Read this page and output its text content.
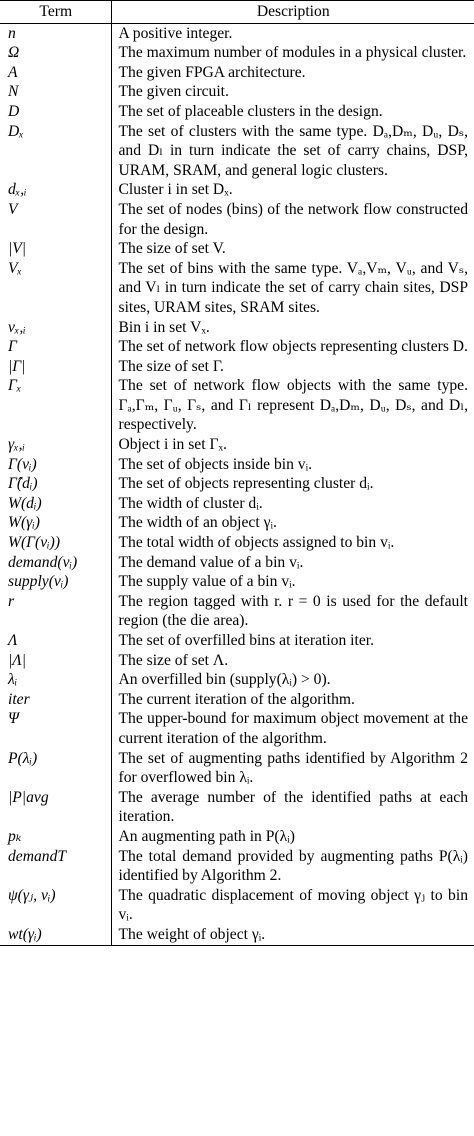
Term	Description
n	A positive integer.
Ω	The maximum number of modules in a physical cluster.
A	The given FPGA architecture.
N	The given circuit.
D	The set of placeable clusters in the design.
Dₓ	The set of clusters with the same type. Dₐ,Dₘ, Dᵤ, Dₛ, and Dₗ in turn indicate the set of carry chains, DSP, URAM, SRAM, and general logic clusters.
dₓ,ᵢ	Cluster i in set Dₓ.
V	The set of nodes (bins) of the network flow constructed for the design.
|V|	The size of set V.
Vₓ	The set of bins with the same type. Vₐ,Vₘ, Vᵤ, and Vₛ, and Vₗ in turn indicate the set of carry chain sites, DSP sites, URAM sites, SRAM sites.
vₓ,ᵢ	Bin i in set Vₓ.
Γ	The set of network flow objects representing clusters D.
|Γ|	The size of set Γ.
Γₓ	The set of network flow objects with the same type. Γₐ,Γₘ, Γᵤ, Γₛ, and Γₗ represent Dₐ,Dₘ, Dᵤ, Dₛ, and Dₗ, respectively.
γₓ,ᵢ	Object i in set Γₓ.
Γ(vᵢ)	The set of objects inside bin vᵢ.
Γ̂(dᵢ)	The set of objects representing cluster dᵢ.
W(dᵢ)	The width of cluster dᵢ.
W(γᵢ)	The width of an object γᵢ.
W(Γ(vᵢ))	The total width of objects assigned to bin vᵢ.
demand(vᵢ)	The demand value of a bin vᵢ.
supply(vᵢ)	The supply value of a bin vᵢ.
r	The region tagged with r. r = 0 is used for the default region (the die area).
Λ	The set of overfilled bins at iteration iter.
|Λ|	The size of set Λ.
λᵢ	An overfilled bin (supply(λᵢ) > 0).
iter	The current iteration of the algorithm.
Ψ	The upper-bound for maximum object movement at the current iteration of the algorithm.
P(λᵢ)	The set of augmenting paths identified by Algorithm 2 for overflowed bin λᵢ.
|P|avg	The average number of the identified paths at each iteration.
pₖ	An augmenting path in P(λᵢ)
demandT	The total demand provided by augmenting paths P(λᵢ) identified by Algorithm 2.
ψ(γⱼ, vᵢ)	The quadratic displacement of moving object γⱼ to bin vᵢ.
wt(γᵢ)	The weight of object γᵢ.
